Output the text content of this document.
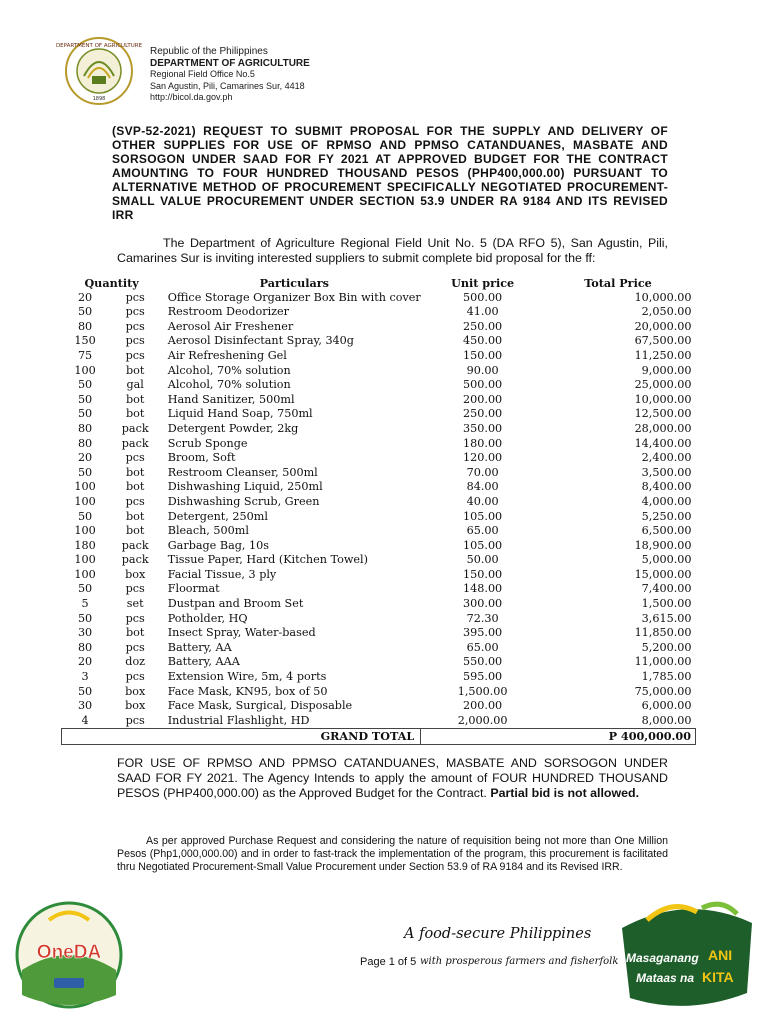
DEPARTMENT OF AGRICULTURE
1898
Republic of the Philippines
DEPARTMENT OF AGRICULTURE
Regional Field Office No.5
San Agustin, Pili, Camarines Sur, 4418
http://bicol.da.gov.ph
(SVP-52-2021) REQUEST TO SUBMIT PROPOSAL FOR THE SUPPLY AND DELIVERY OF OTHER SUPPLIES FOR USE OF RPMSO AND PPMSO CATANDUANES, MASBATE AND SORSOGON UNDER SAAD FOR FY 2021 AT APPROVED BUDGET FOR THE CONTRACT AMOUNTING TO FOUR HUNDRED THOUSAND PESOS (PHP400,000.00) PURSUANT TO ALTERNATIVE METHOD OF PROCUREMENT SPECIFICALLY NEGOTIATED PROCUREMENT-SMALL VALUE PROCUREMENT UNDER SECTION 53.9 UNDER RA 9184 AND ITS REVISED IRR
The Department of Agriculture Regional Field Unit No. 5 (DA RFO 5), San Agustin, Pili, Camarines Sur is inviting interested suppliers to submit complete bid proposal for the ff:
Quantity		Particulars	Unit price	Total Price
20	pcs	Office Storage Organizer Box Bin with cover	500.00	10,000.00
50	pcs	Restroom Deodorizer	41.00	2,050.00
80	pcs	Aerosol Air Freshener	250.00	20,000.00
150	pcs	Aerosol Disinfectant Spray, 340g	450.00	67,500.00
75	pcs	Air Refreshening Gel	150.00	11,250.00
100	bot	Alcohol, 70% solution	90.00	9,000.00
50	gal	Alcohol, 70% solution	500.00	25,000.00
50	bot	Hand Sanitizer, 500ml	200.00	10,000.00
50	bot	Liquid Hand Soap, 750ml	250.00	12,500.00
80	pack	Detergent Powder, 2kg	350.00	28,000.00
80	pack	Scrub Sponge	180.00	14,400.00
20	pcs	Broom, Soft	120.00	2,400.00
50	bot	Restroom Cleanser, 500ml	70.00	3,500.00
100	bot	Dishwashing Liquid, 250ml	84.00	8,400.00
100	pcs	Dishwashing Scrub, Green	40.00	4,000.00
50	bot	Detergent, 250ml	105.00	5,250.00
100	bot	Bleach, 500ml	65.00	6,500.00
180	pack	Garbage Bag, 10s	105.00	18,900.00
100	pack	Tissue Paper, Hard (Kitchen Towel)	50.00	5,000.00
100	box	Facial Tissue, 3 ply	150.00	15,000.00
50	pcs	Floormat	148.00	7,400.00
5	set	Dustpan and Broom Set	300.00	1,500.00
50	pcs	Potholder, HQ	72.30	3,615.00
30	bot	Insect Spray, Water-based	395.00	11,850.00
80	pcs	Battery, AA	65.00	5,200.00
20	doz	Battery, AAA	550.00	11,000.00
3	pcs	Extension Wire, 5m, 4 ports	595.00	1,785.00
50	box	Face Mask, KN95, box of 50	1,500.00	75,000.00
30	box	Face Mask, Surgical, Disposable	200.00	6,000.00
4	pcs	Industrial Flashlight, HD	2,000.00	8,000.00
GRAND TOTAL			P 400,000.00	
FOR USE OF RPMSO AND PPMSO CATANDUANES, MASBATE AND SORSOGON UNDER SAAD FOR FY 2021. The Agency Intends to apply the amount of FOUR HUNDRED THOUSAND PESOS (PHP400,000.00) as the Approved Budget for the Contract. Partial bid is not allowed.
As per approved Purchase Request and considering the nature of requisition being not more than One Million Pesos (Php1,000,000.00) and in order to fast-track the implementation of the program, this procurement is facilitated thru Negotiated Procurement-Small Value Procurement under Section 53.9 of RA 9184 and its Revised IRR.
OneDA
A food-secure Philippines
Page 1 of 5 with prosperous farmers and fisherfolk Masaganang ANI
Mataas na KITA
